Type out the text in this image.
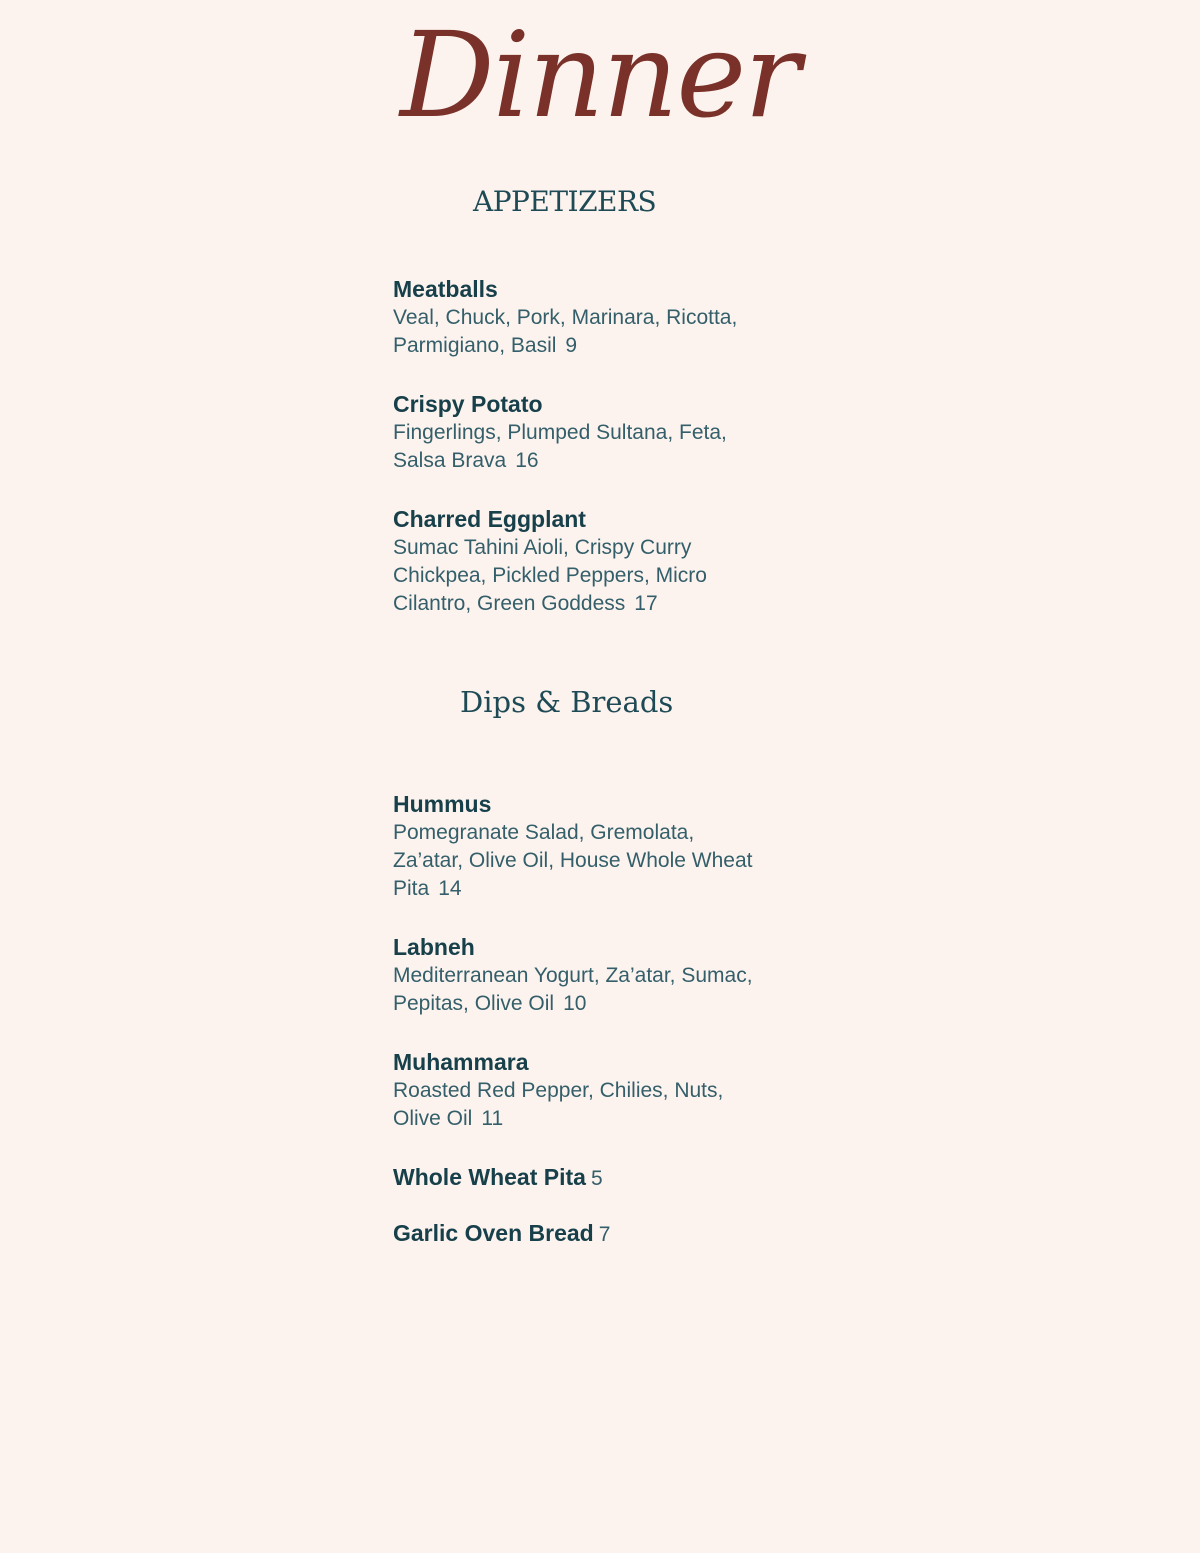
Dinner
APPETIZERS
Meatballs
Veal, Chuck, Pork, Marinara, Ricotta, Parmigiano, Basil 9
Crispy Potato
Fingerlings, Plumped Sultana, Feta, Salsa Brava 16
Charred Eggplant
Sumac Tahini Aioli, Crispy Curry Chickpea, Pickled Peppers, Micro Cilantro, Green Goddess 17
Dips & Breads
Hummus
Pomegranate Salad, Gremolata, Za’atar, Olive Oil, House Whole Wheat Pita 14
Labneh
Mediterranean Yogurt, Za’atar, Sumac, Pepitas, Olive Oil 10
Muhammara
Roasted Red Pepper, Chilies, Nuts, Olive Oil 11
Whole Wheat Pita 5
Garlic Oven Bread 7
